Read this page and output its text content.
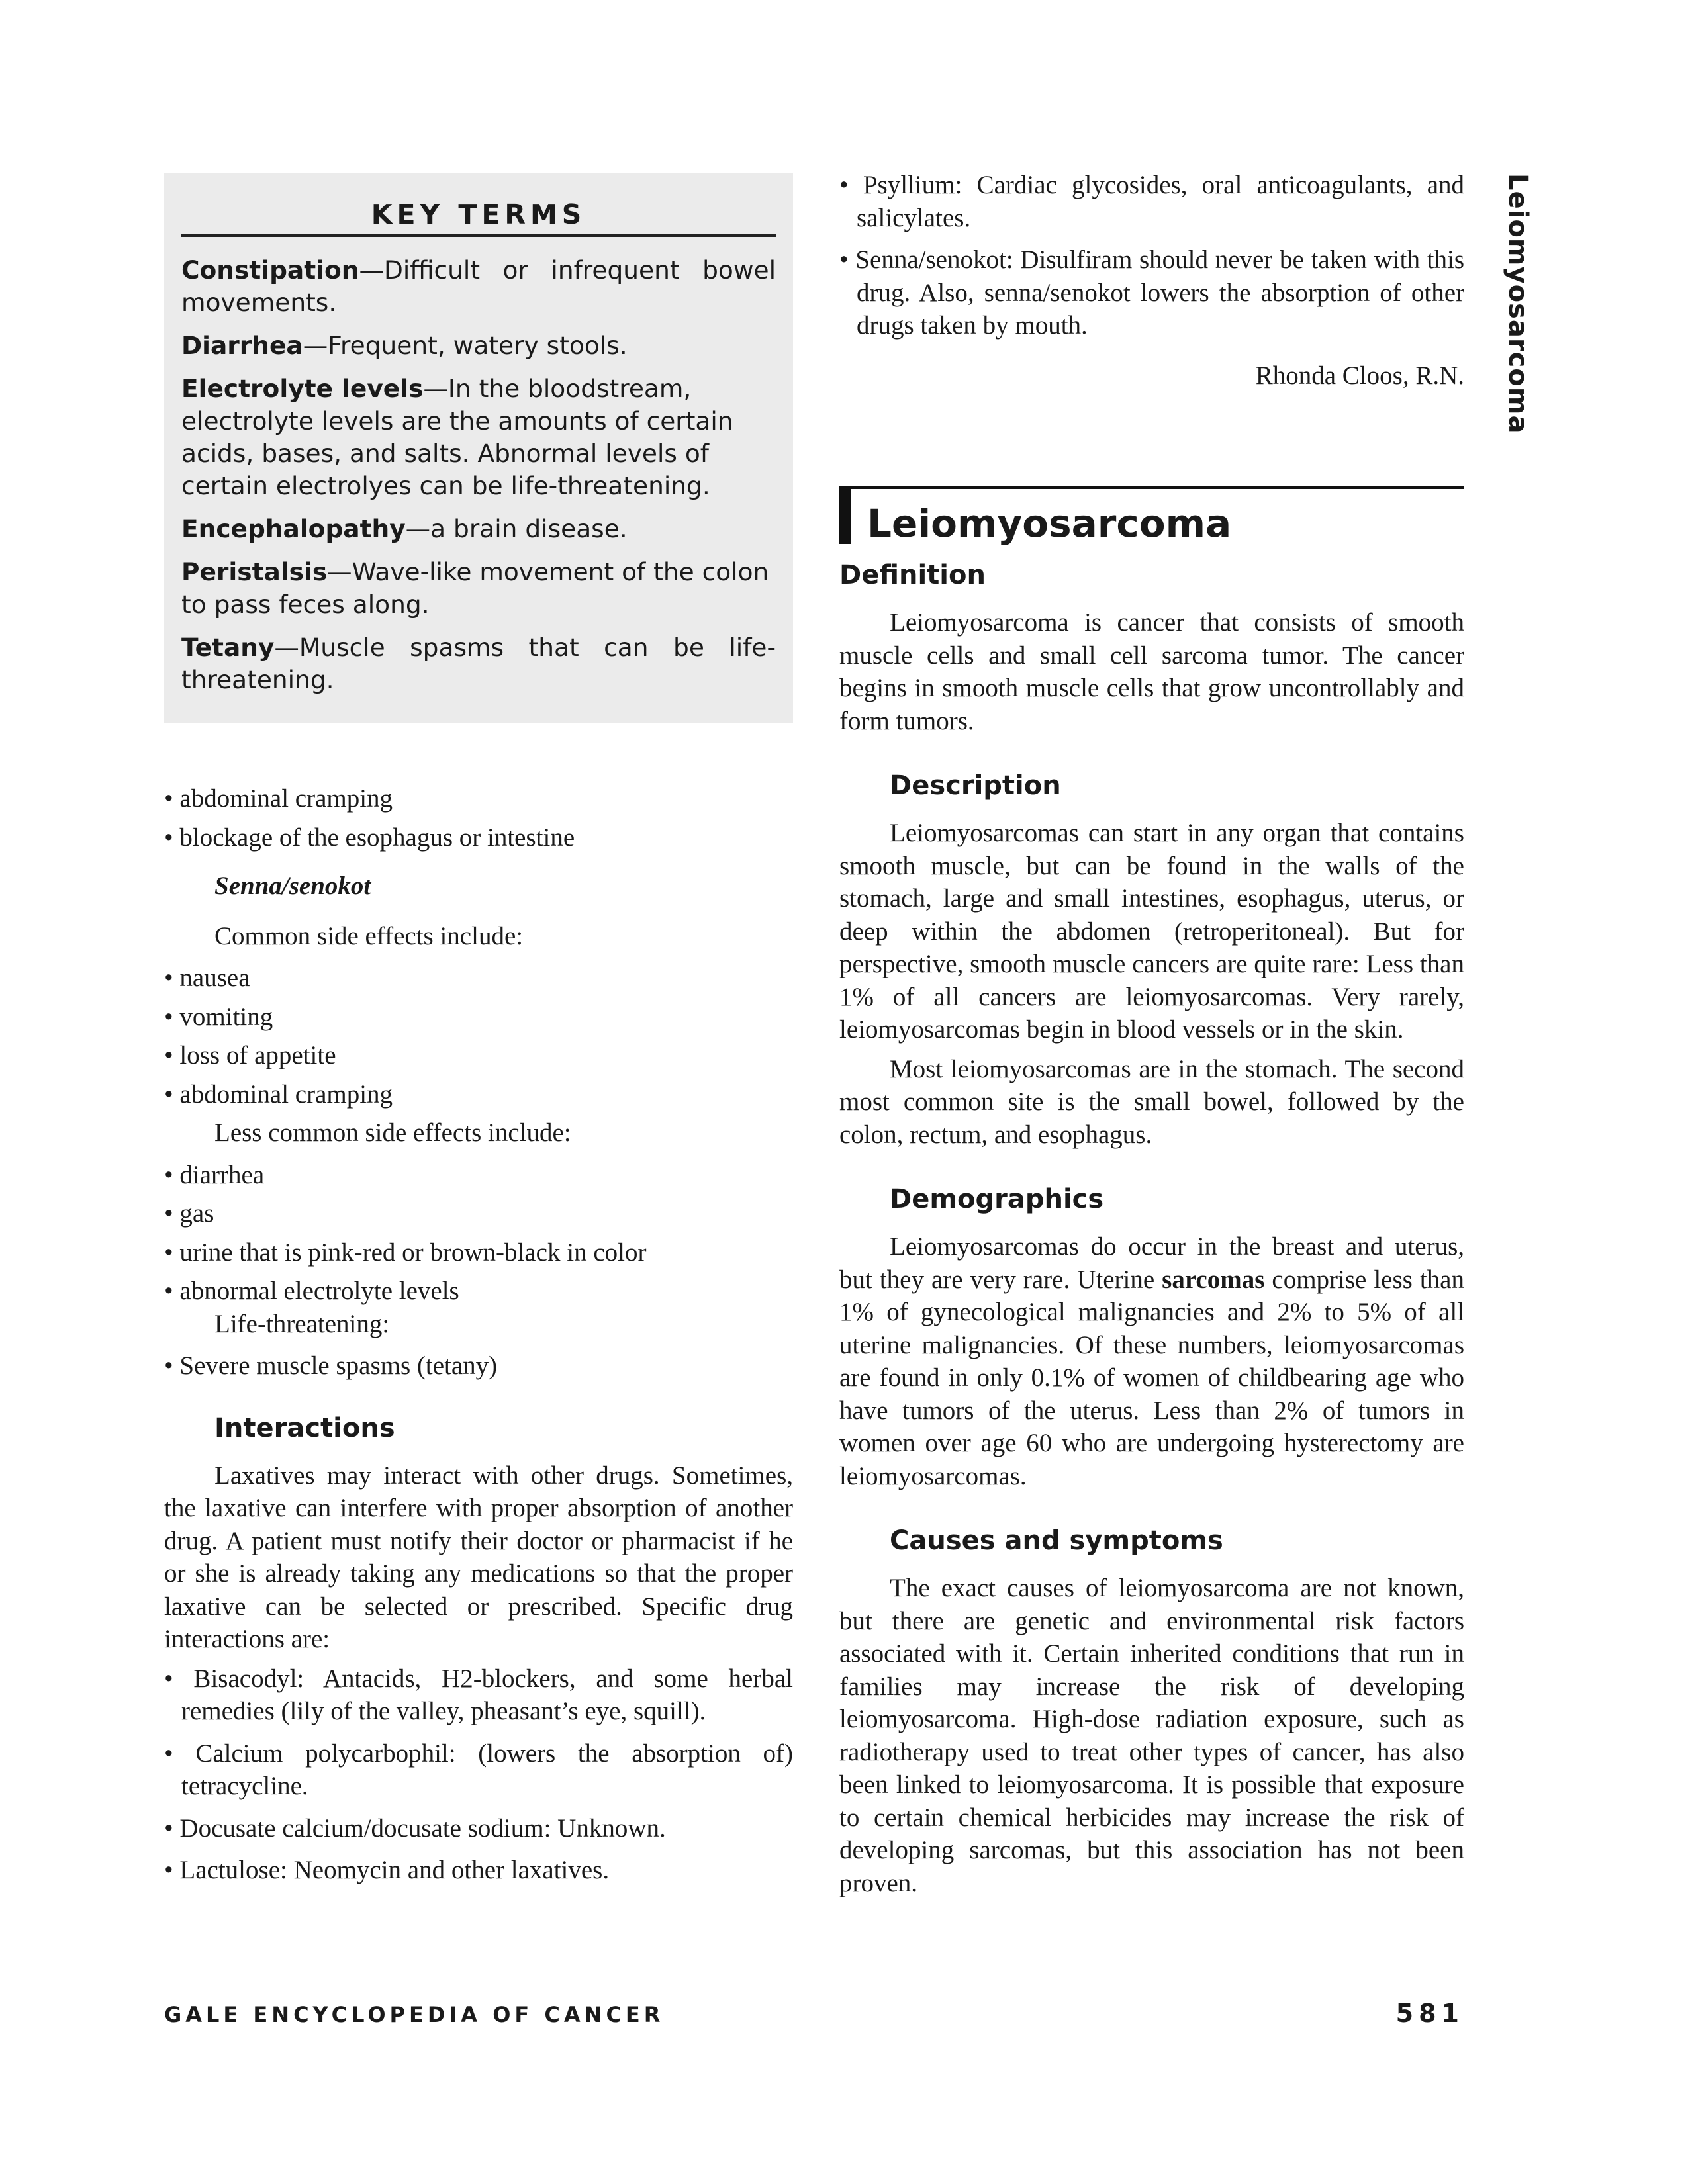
KEY TERMS

Constipation—Difficult or infrequent bowel movements.

Diarrhea—Frequent, watery stools.

Electrolyte levels—In the bloodstream, electrolyte levels are the amounts of certain acids, bases, and salts. Abnormal levels of certain electrolyes can be life-threatening.

Encephalopathy—a brain disease.

Peristalsis—Wave-like movement of the colon to pass feces along.

Tetany—Muscle spasms that can be life-threatening.

• abdominal cramping
• blockage of the esophagus or intestine

Senna/senokot

Common side effects include:

• nausea
• vomiting
• loss of appetite
• abdominal cramping

Less common side effects include:

• diarrhea
• gas
• urine that is pink-red or brown-black in color
• abnormal electrolyte levels

Life-threatening:

• Severe muscle spasms (tetany)

Interactions

Laxatives may interact with other drugs. Sometimes, the laxative can interfere with proper absorption of another drug. A patient must notify their doctor or pharmacist if he or she is already taking any medications so that the proper laxative can be selected or prescribed. Specific drug interactions are:

• Bisacodyl: Antacids, H2-blockers, and some herbal remedies (lily of the valley, pheasant’s eye, squill).
• Calcium polycarbophil: (lowers the absorption of) tetracycline.
• Docusate calcium/docusate sodium: Unknown.
• Lactulose: Neomycin and other laxatives.
• Psyllium: Cardiac glycosides, oral anticoagulants, and salicylates.
• Senna/senokot: Disulfiram should never be taken with this drug. Also, senna/senokot lowers the absorption of other drugs taken by mouth.

Rhonda Cloos, R.N.

Leiomyosarcoma

Definition

Leiomyosarcoma is cancer that consists of smooth muscle cells and small cell sarcoma tumor. The cancer begins in smooth muscle cells that grow uncontrollably and form tumors.

Description

Leiomyosarcomas can start in any organ that contains smooth muscle, but can be found in the walls of the stomach, large and small intestines, esophagus, uterus, or deep within the abdomen (retroperitoneal). But for perspective, smooth muscle cancers are quite rare: Less than 1% of all cancers are leiomyosarcomas. Very rarely, leiomyosarcomas begin in blood vessels or in the skin.

Most leiomyosarcomas are in the stomach. The second most common site is the small bowel, followed by the colon, rectum, and esophagus.

Demographics

Leiomyosarcomas do occur in the breast and uterus, but they are very rare. Uterine sarcomas comprise less than 1% of gynecological malignancies and 2% to 5% of all uterine malignancies. Of these numbers, leiomyosarcomas are found in only 0.1% of women of childbearing age who have tumors of the uterus. Less than 2% of tumors in women over age 60 who are undergoing hysterectomy are leiomyosarcomas.

Causes and symptoms

The exact causes of leiomyosarcoma are not known, but there are genetic and environmental risk factors associated with it. Certain inherited conditions that run in families may increase the risk of developing leiomyosarcoma. High-dose radiation exposure, such as radiotherapy used to treat other types of cancer, has also been linked to leiomyosarcoma. It is possible that exposure to certain chemical herbicides may increase the risk of developing sarcomas, but this association has not been proven.

Leiomyosarcoma
GALE ENCYCLOPEDIA OF CANCER	581
